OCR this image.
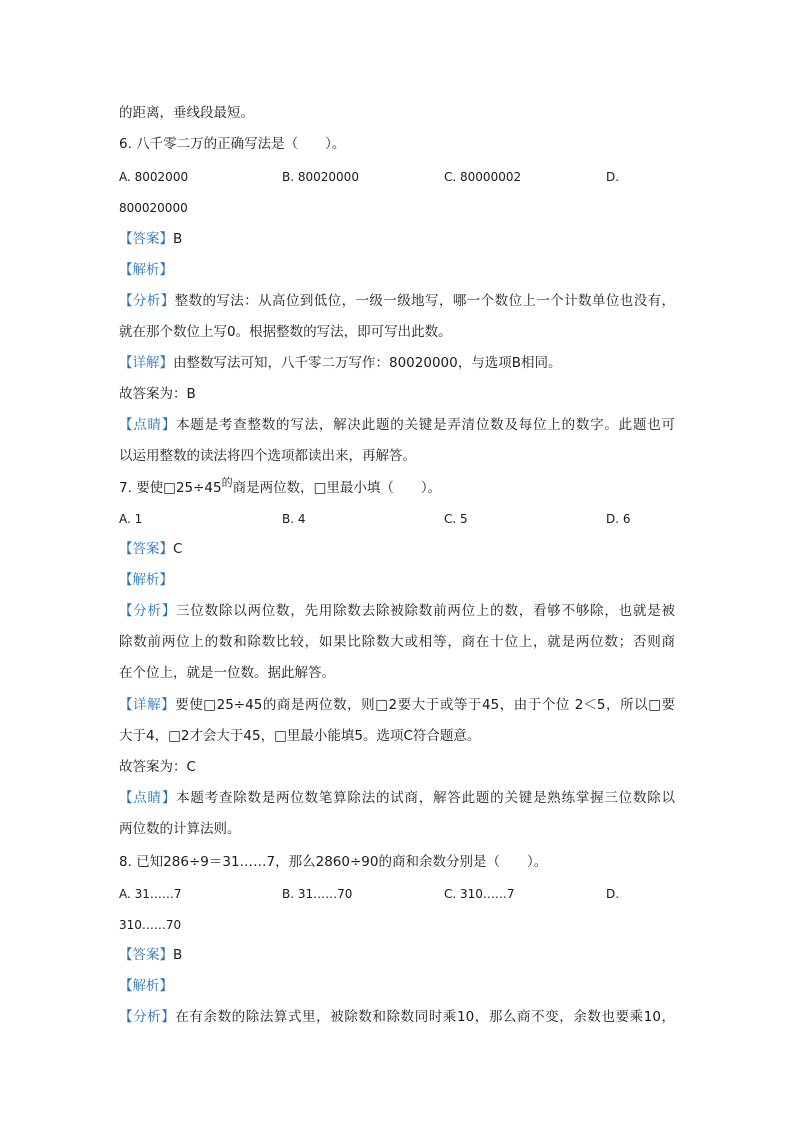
的距离，垂线段最短。
6. 八千零二万的正确写法是（　　）。
A. 8002000	B. 80020000	C. 80000002	D.
800020000
【答案】B
【解析】
【分析】整数的写法：从高位到低位，一级一级地写，哪一个数位上一个计数单位也没有，
就在那个数位上写0。根据整数的写法，即可写出此数。
【详解】由整数写法可知，八千零二万写作：80020000，与选项B相同。
故答案为：B
【点睛】本题是考查整数的写法，解决此题的关键是弄清位数及每位上的数字。此题也可
以运用整数的读法将四个选项都读出来，再解答。
7. 要使$□25\div 45^的$商是两位数，□里最小填（　　）。
A. 1	B. 4	C. 5	D. 6
【答案】C
【解析】
【分析】三位数除以两位数，先用除数去除被除数前两位上的数，看够不够除，也就是被
除数前两位上的数和除数比较，如果比除数大或相等，商在十位上，就是两位数；否则商
在个位上，就是一位数。据此解答。
【详解】要使□25÷45的商是两位数，则□2要大于或等于45，由于个位 2＜5，所以□要
大于4，□2才会大于45，□里最小能填5。选项C符合题意。
故答案为：C
【点睛】本题考查除数是两位数笔算除法的试商，解答此题的关键是熟练掌握三位数除以
两位数的计算法则。
8. 已知286÷9＝31……7，那么2860÷90的商和余数分别是（　　）。
A. 31……7	B. 31……70	C. 310……7	D.
310……70
【答案】B
【解析】
【分析】在有余数的除法算式里，被除数和除数同时乘10，那么商不变，余数也要乘10，
